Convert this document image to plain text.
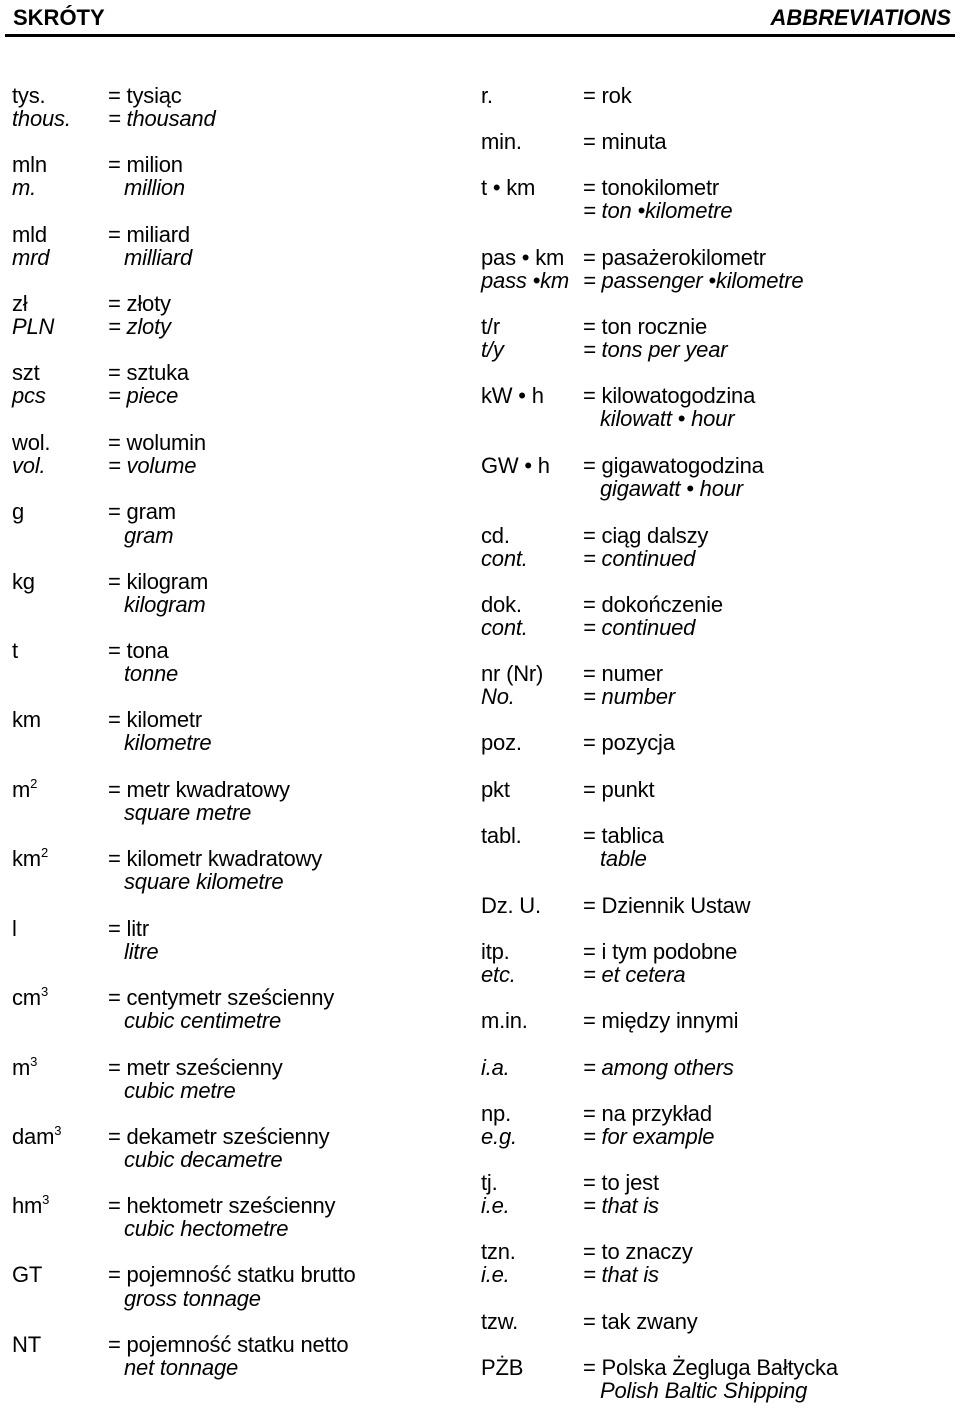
SKRÓTY	ABBREVIATIONS
tys.	= tysiąc
thous. = thousand
mln	= milion
m.	million
mld	= miliard
mrd	milliard
zł	= złoty
PLN = zloty
szt	= sztuka
pcs	= piece
wol.	= wolumin
vol.	= volume
g	= gram
gram
kg	= kilogram
kilogram
t	= tona
tonne
km	= kilometr
kilometre
$m^2$	= metr kwadratowy
square metre
$km^2$	= kilometr kwadratowy
square kilometre
l	= litr
litre
$cm^3$	= centymetr sześcienny
cubic centimetre
$m^3$	= metr sześcienny
cubic metre
dam$^3$ = dekametr sześcienny
cubic decametre
$hm^3$	= hektometr sześcienny
cubic hectometre
GT	= pojemność statku brutto
gross tonnage
NT	= pojemność statku netto
net tonnage
r.	= rok
min.	= minuta
t • km = tonokilometr
= ton •kilometre
pas • km = pasażerokilometr
pass •km = passenger •kilometre
t/r	= ton rocznie
t/y	= tons per year
kW • h = kilowatogodzina
kilowatt • hour
GW • h = gigawatogodzina
gigawatt • hour
cd.	= ciąg dalszy
cont.	= continued
dok.	= dokończenie
cont.	= continued
nr (Nr) = numer
No.	= number
poz.	= pozycja
pkt	= punkt
tabl.	= tablica
table
Dz. U. = Dziennik Ustaw
itp.	= i tym podobne
etc.	= et cetera
m.in.	= między innymi
i.a.	= among others
np.	= na przykład
e.g.	= for example
tj.	= to jest
i.e.	= that is
tzn.	= to znaczy
i.e.	= that is
tzw.	= tak zwany
PŻB	= Polska Żegluga Bałtycka
Polish Baltic Shipping
